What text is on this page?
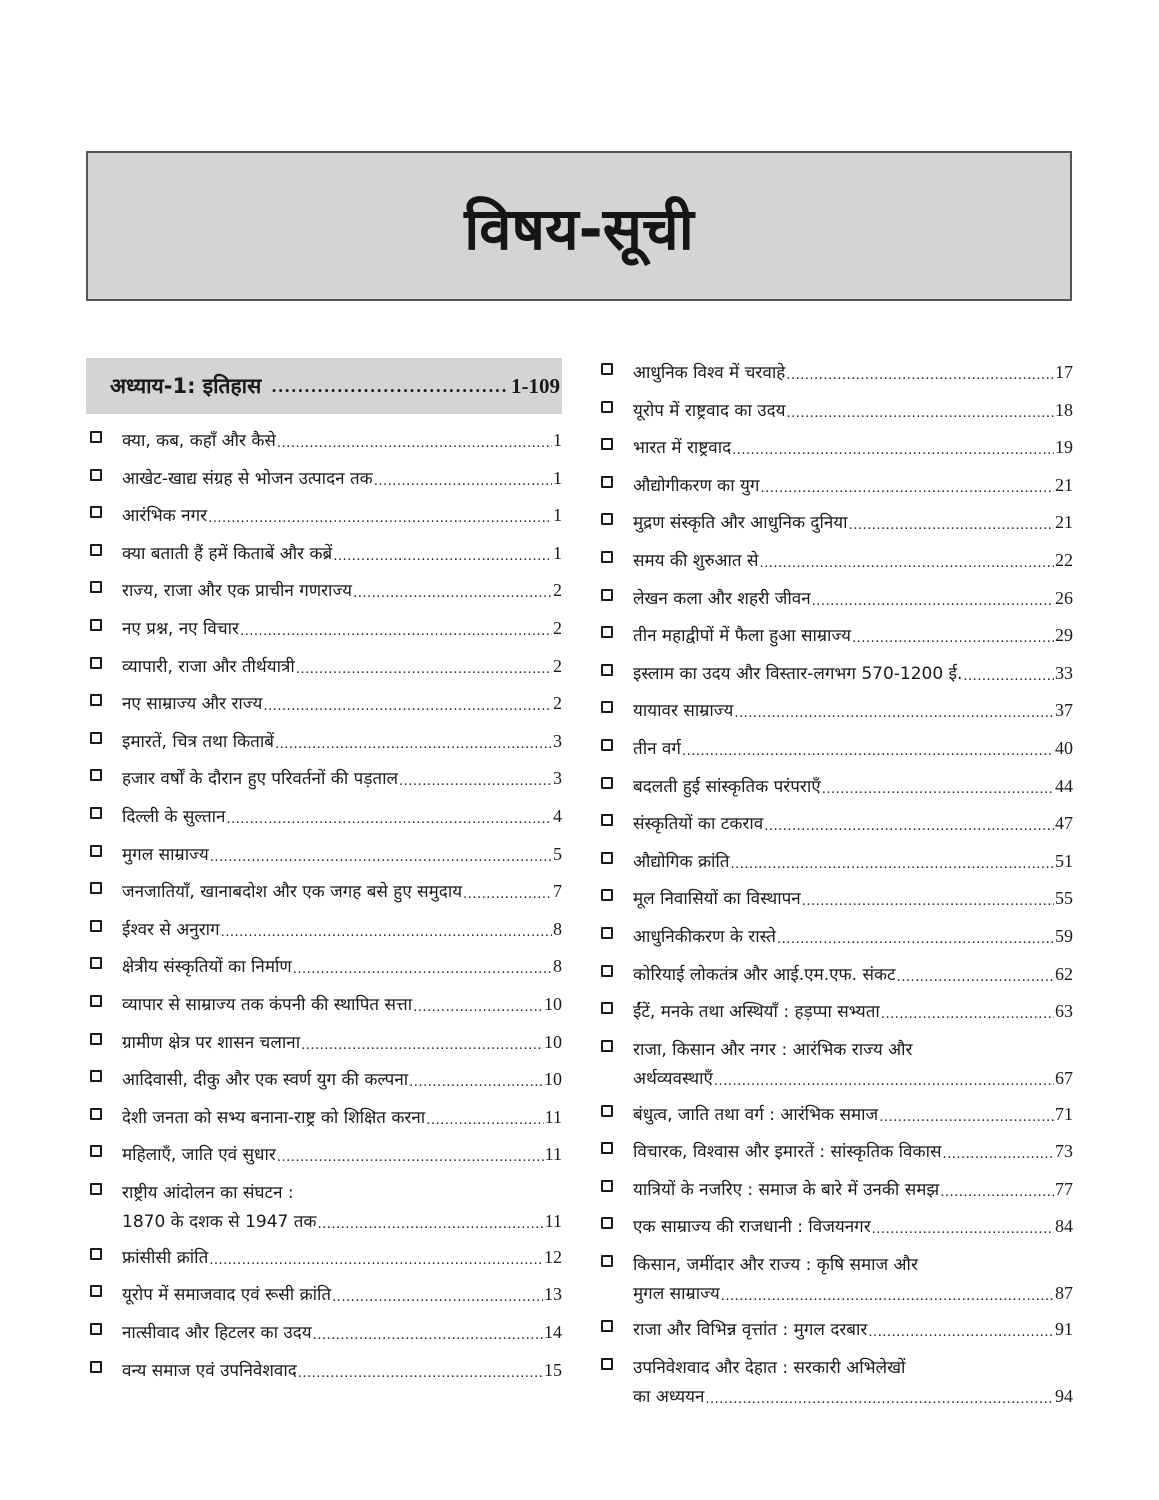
विषय-सूची
अध्याय-1: इतिहास .....	1-109
क्या, कब, कहाँ और कैसे .....	1
आखेट-खाद्य संग्रह से भोजन उत्पादन तक .....	1
आरंभिक नगर .....	1
क्या बताती हैं हमें किताबें और कब्रें .....	1
राज्य, राजा और एक प्राचीन गणराज्य .....	2
नए प्रश्न, नए विचार .....	2
व्यापारी, राजा और तीर्थयात्री .....	2
नए साम्राज्य और राज्य .....	2
इमारतें, चित्र तथा किताबें .....	3
हजार वर्षों के दौरान हुए परिवर्तनों की पड़ताल .....	3
दिल्ली के सुल्तान .....	4
मुगल साम्राज्य .....	5
जनजातियाँ, खानाबदोश और एक जगह बसे हुए समुदाय .....	7
ईश्वर से अनुराग .....	8
क्षेत्रीय संस्कृतियों का निर्माण .....	8
व्यापार से साम्राज्य तक कंपनी की स्थापित सत्ता .....	10
ग्रामीण क्षेत्र पर शासन चलाना .....	10
आदिवासी, दीकु और एक स्वर्ण युग की कल्पना .....	10
देशी जनता को सभ्य बनाना-राष्ट्र को शिक्षित करना .....	11
महिलाएँ, जाति एवं सुधार .....	11
राष्ट्रीय आंदोलन का संघटन :
1870 के दशक से 1947 तक .....	11
फ्रांसीसी क्रांति .....	12
यूरोप में समाजवाद एवं रूसी क्रांति .....	13
नात्सीवाद और हिटलर का उदय .....	14
वन्य समाज एवं उपनिवेशवाद .....	15
आधुनिक विश्व में चरवाहे .....	17
यूरोप में राष्ट्रवाद का उदय .....	18
भारत में राष्ट्रवाद .....	19
औद्योगीकरण का युग .....	21
मुद्रण संस्कृति और आधुनिक दुनिया .....	21
समय की शुरुआत से .....	22
लेखन कला और शहरी जीवन .....	26
तीन महाद्वीपों में फैला हुआ साम्राज्य .....	29
इस्लाम का उदय और विस्तार-लगभग 570-1200 ई. .....	33
यायावर साम्राज्य .....	37
तीन वर्ग .....	40
बदलती हुई सांस्कृतिक परंपराएँ .....	44
संस्कृतियों का टकराव .....	47
औद्योगिक क्रांति .....	51
मूल निवासियों का विस्थापन .....	55
आधुनिकीकरण के रास्ते .....	59
कोरियाई लोकतंत्र और आई.एम.एफ. संकट .....	62
ईंटें, मनके तथा अस्थियाँ : हड़प्पा सभ्यता .....	63
राजा, किसान और नगर : आरंभिक राज्य और
अर्थव्यवस्थाएँ .....	67
बंधुत्व, जाति तथा वर्ग : आरंभिक समाज .....	71
विचारक, विश्वास और इमारतें : सांस्कृतिक विकास .....	73
यात्रियों के नजरिए : समाज के बारे में उनकी समझ .....	77
एक साम्राज्य की राजधानी : विजयनगर .....	84
किसान, जमींदार और राज्य : कृषि समाज और
मुगल साम्राज्य .....	87
राजा और विभिन्न वृत्तांत : मुगल दरबार .....	91
उपनिवेशवाद और देहात : सरकारी अभिलेखों
का अध्ययन .....	94
